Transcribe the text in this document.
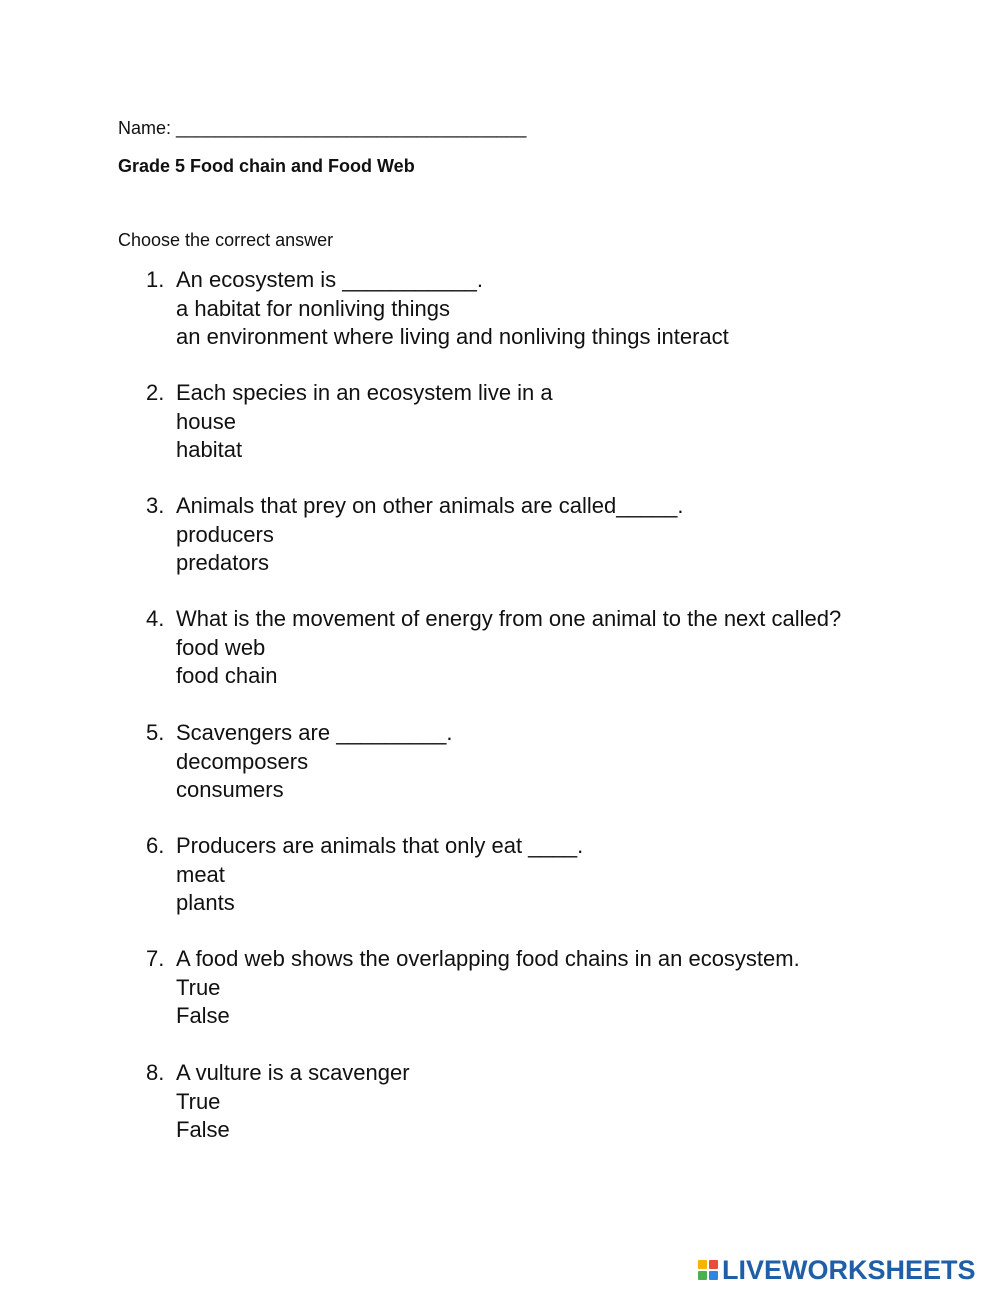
Name: ___________________________________
Grade 5 Food chain and Food Web
Choose the correct answer
1. An ecosystem is ___________.
a habitat for nonliving things
an environment where living and nonliving things interact
2. Each species in an ecosystem live in a
house
habitat
3. Animals that prey on other animals are called_____.
producers
predators
4. What is the movement of energy from one animal to the next called?
food web
food chain
5. Scavengers are _________.
decomposers
consumers
6. Producers are animals that only eat ____.
meat
plants
7. A food web shows the overlapping food chains in an ecosystem.
True
False
8. A vulture is a scavenger
True
False
LIVEWORKSHEETS
